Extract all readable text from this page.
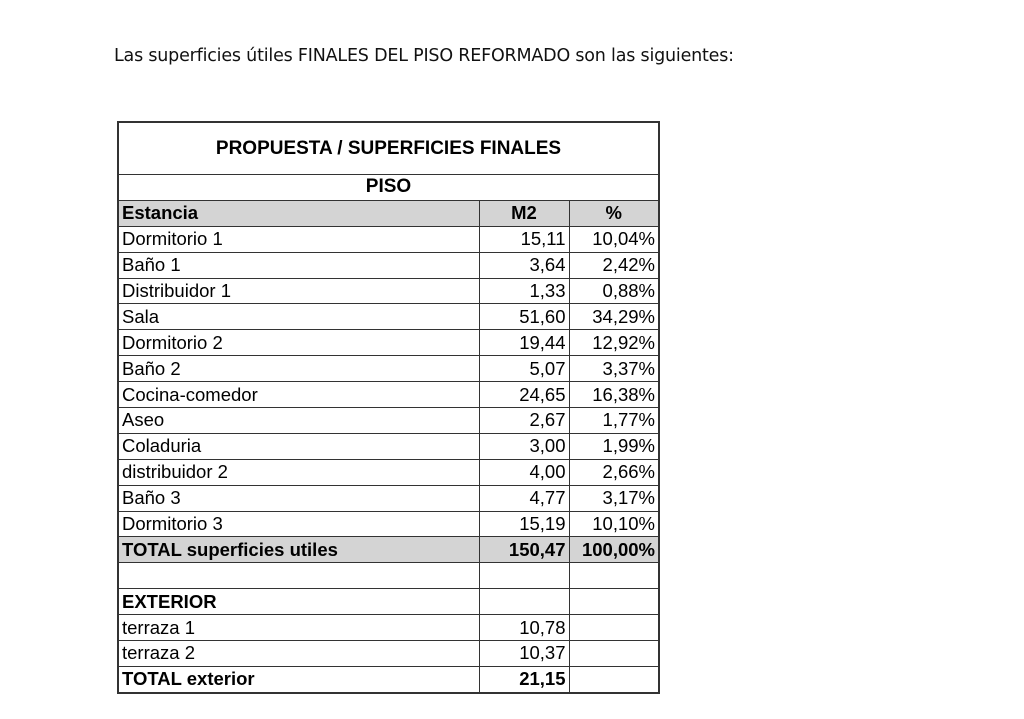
Las superficies útiles FINALES DEL PISO REFORMADO son las siguientes:
PROPUESTA / SUPERFICIES FINALES		
PISO		
Estancia	M2	%
Dormitorio 1	15,11	10,04%
Baño 1	3,64	2,42%
Distribuidor 1	1,33	0,88%
Sala	51,60	34,29%
Dormitorio 2	19,44	12,92%
Baño 2	5,07	3,37%
Cocina-comedor	24,65	16,38%
Aseo	2,67	1,77%
Coladuria	3,00	1,99%
distribuidor 2	4,00	2,66%
Baño 3	4,77	3,17%
Dormitorio 3	15,19	10,10%
TOTAL superficies utiles	150,47	100,00%

EXTERIOR		
terraza 1	10,78	
terraza 2	10,37	
TOTAL exterior	21,15	
